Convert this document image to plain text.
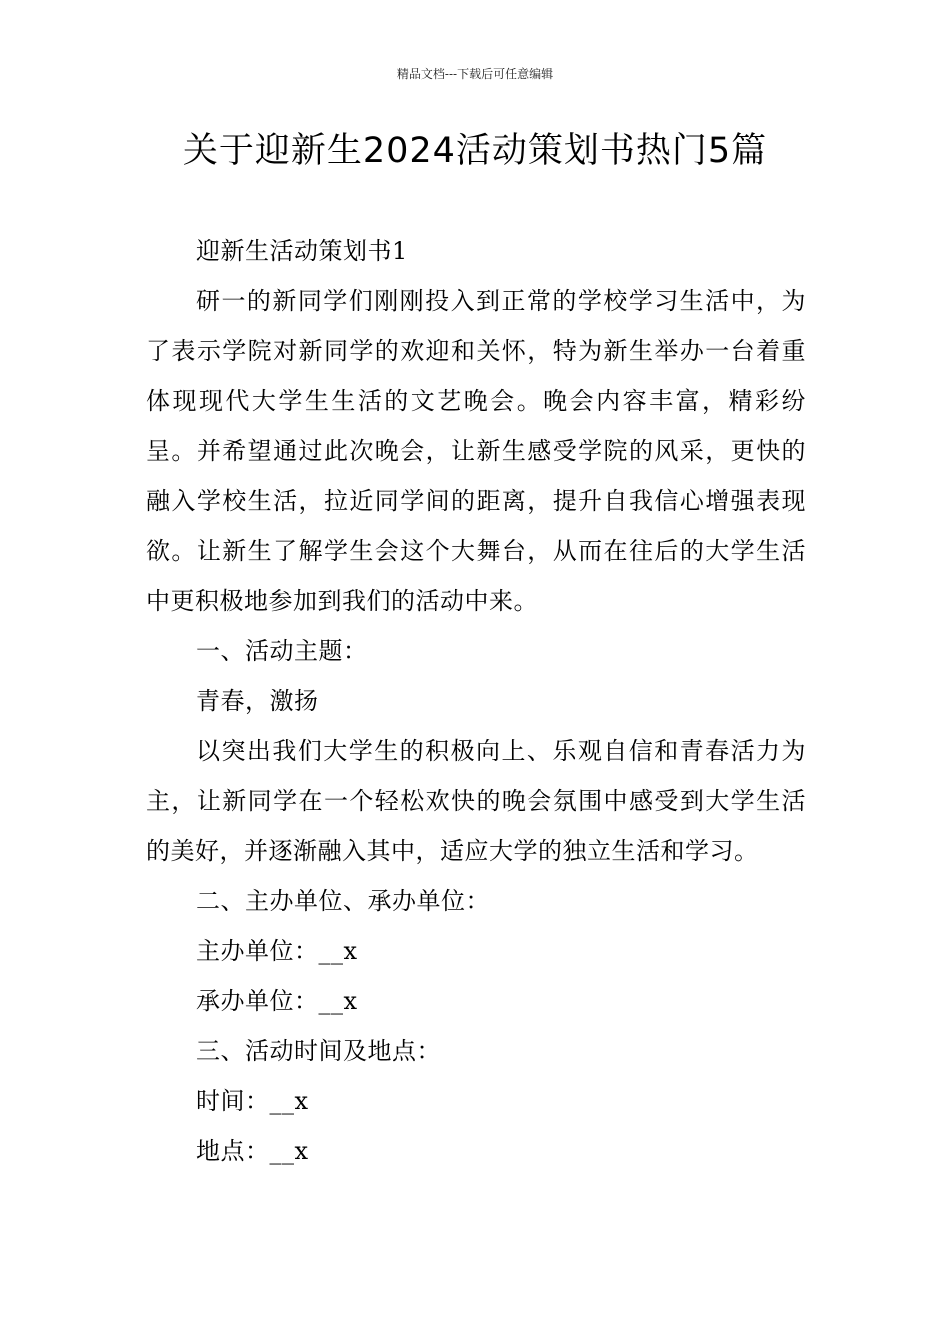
精品文档---下载后可任意编辑
关于迎新生2024活动策划书热门5篇

迎新生活动策划书1

研一的新同学们刚刚投入到正常的学校学习生活中，为了表示学院对新同学的欢迎和关怀，特为新生举办一台着重体现现代大学生生活的文艺晚会。晚会内容丰富，精彩纷呈。并希望通过此次晚会，让新生感受学院的风采，更快的融入学校生活，拉近同学间的距离，提升自我信心增强表现欲。让新生了解学生会这个大舞台，从而在往后的大学生活中更积极地参加到我们的活动中来。

一、活动主题：

青春，激扬

以突出我们大学生的积极向上、乐观自信和青春活力为主，让新同学在一个轻松欢快的晚会氛围中感受到大学生活的美好，并逐渐融入其中，适应大学的独立生活和学习。

二、主办单位、承办单位：

主办单位：__x

承办单位：__x

三、活动时间及地点：

时间：__x

地点：__x
